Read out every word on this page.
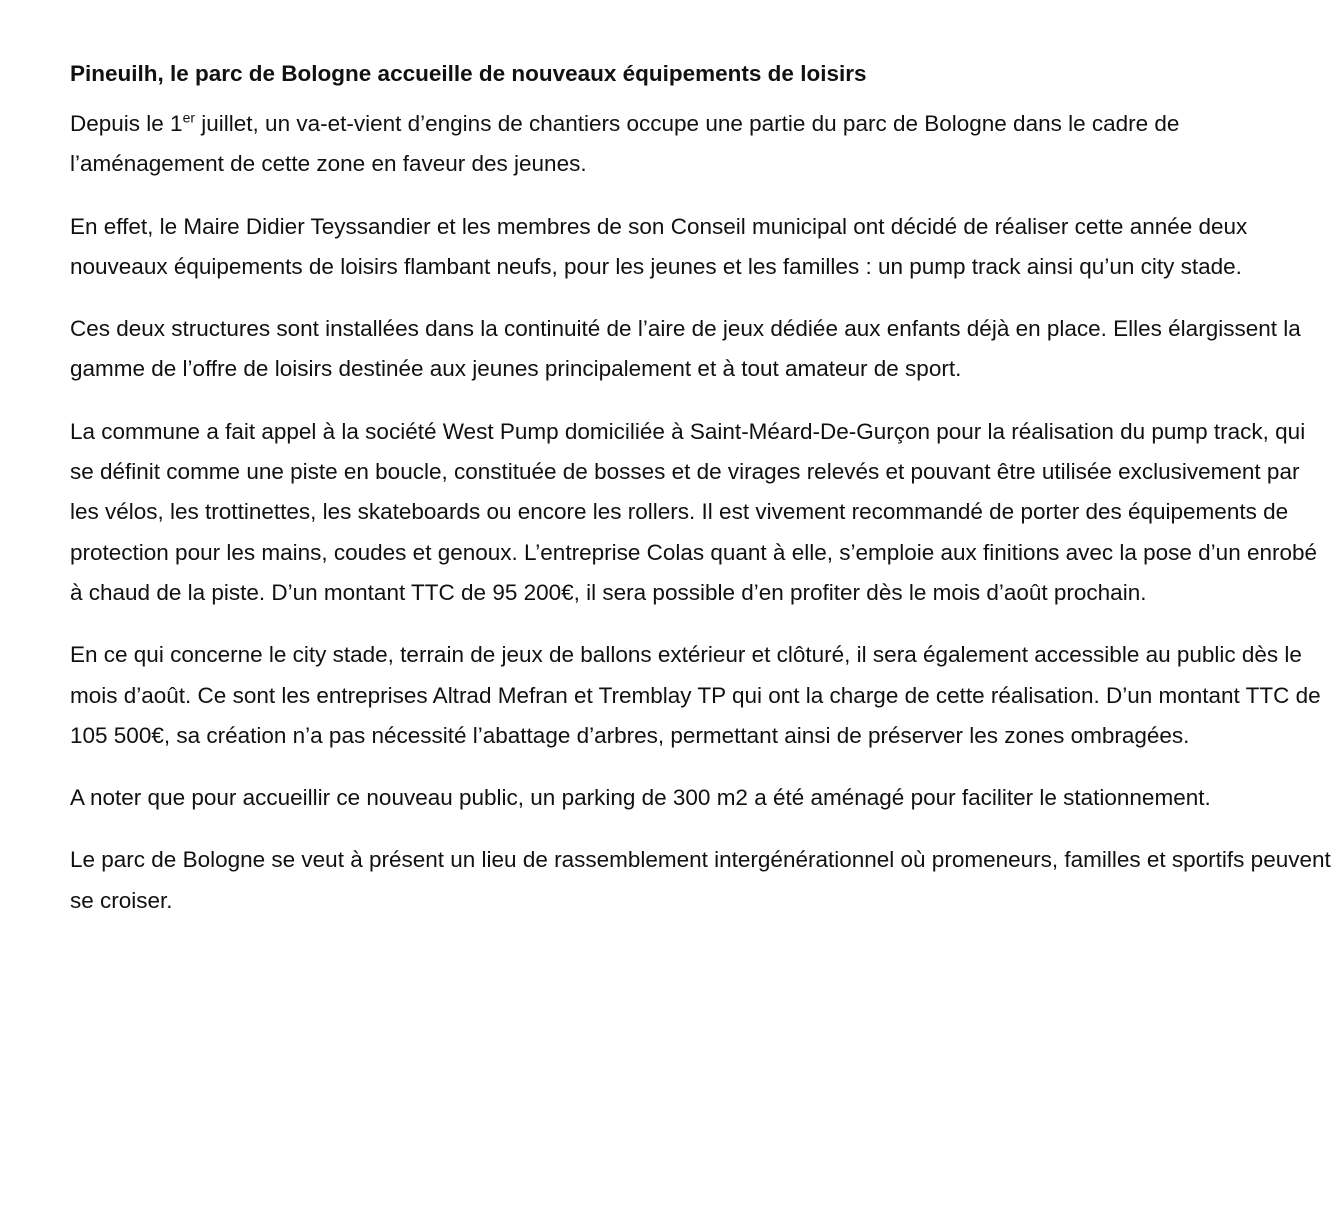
Pineuilh, le parc de Bologne accueille de nouveaux équipements de loisirs
Depuis le 1er juillet, un va-et-vient d’engins de chantiers occupe une partie du parc de Bologne dans le cadre de l’aménagement de cette zone en faveur des jeunes.
En effet, le Maire Didier Teyssandier et les membres de son Conseil municipal ont décidé de réaliser cette année deux nouveaux équipements de loisirs flambant neufs, pour les jeunes et les familles : un pump track ainsi qu’un city stade.
Ces deux structures sont installées dans la continuité de l’aire de jeux dédiée aux enfants déjà en place. Elles élargissent la gamme de l’offre de loisirs destinée aux jeunes principalement et à tout amateur de sport.
La commune a fait appel à la société West Pump domiciliée à Saint-Méard-De-Gurçon pour la réalisation du pump track, qui se définit comme une piste en boucle, constituée de bosses et de virages relevés et pouvant être utilisée exclusivement par les vélos, les trottinettes, les skateboards ou encore les rollers. Il est vivement recommandé de porter des équipements de protection pour les mains, coudes et genoux. L’entreprise Colas quant à elle, s’emploie aux finitions avec la pose d’un enrobé à chaud de la piste. D’un montant TTC de 95 200€, il sera possible d’en profiter dès le mois d’août prochain.
En ce qui concerne le city stade, terrain de jeux de ballons extérieur et clôturé, il sera également accessible au public dès le mois d’août. Ce sont les entreprises Altrad Mefran et Tremblay TP qui ont la charge de cette réalisation. D’un montant TTC de 105 500€, sa création n’a pas nécessité l’abattage d’arbres, permettant ainsi de préserver les zones ombragées.
A noter que pour accueillir ce nouveau public, un parking de 300 m2 a été aménagé pour faciliter le stationnement.
Le parc de Bologne se veut à présent un lieu de rassemblement intergénérationnel où promeneurs, familles et sportifs peuvent se croiser.
